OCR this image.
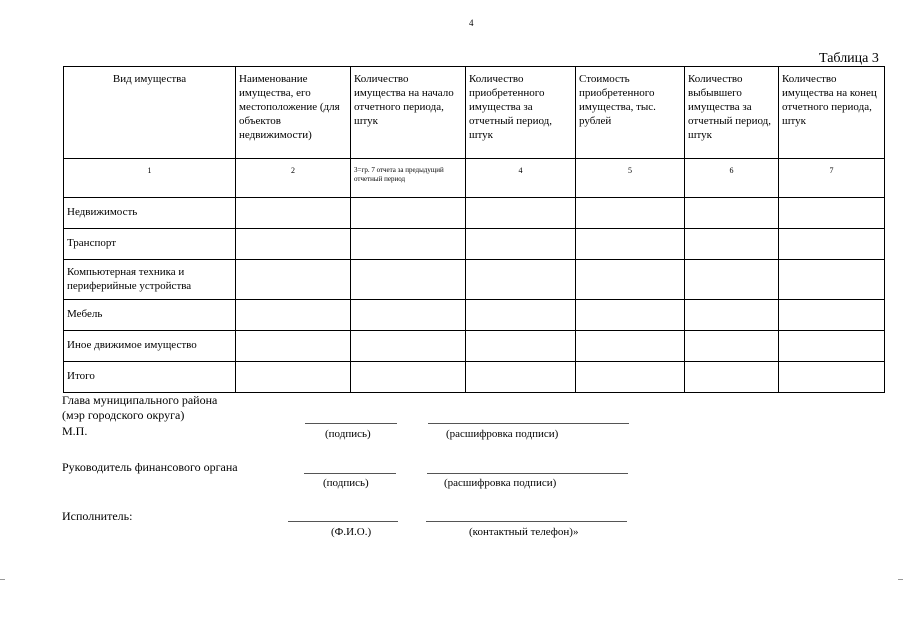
4
Таблица 3
Вид имущества	Наименование имущества, его местоположение (для объектов недвижимости)	Количество имущества на начало отчетного периода, штук	Количество приобретенного имущества за отчетный период, штук	Стоимость приобретенного имущества, тыс. рублей	Количество выбывшего имущества за отчетный период, штук	Количество имущества на конец отчетного периода, штук
1	2	3=гр. 7 отчета за предыдущий отчетный период	4	5	6	7
Недвижимость						
Транспорт						
Компьютерная техника и периферийные устройства						
Мебель						
Иное движимое имущество						
Итого						
Глава муниципального района
(мэр городского округа)
М.П.	(подпись)	(расшифровка подписи)
Руководитель финансового органа
(подпись)	(расшифровка подписи)
Исполнитель:
(Ф.И.О.)	(контактный телефон)»
